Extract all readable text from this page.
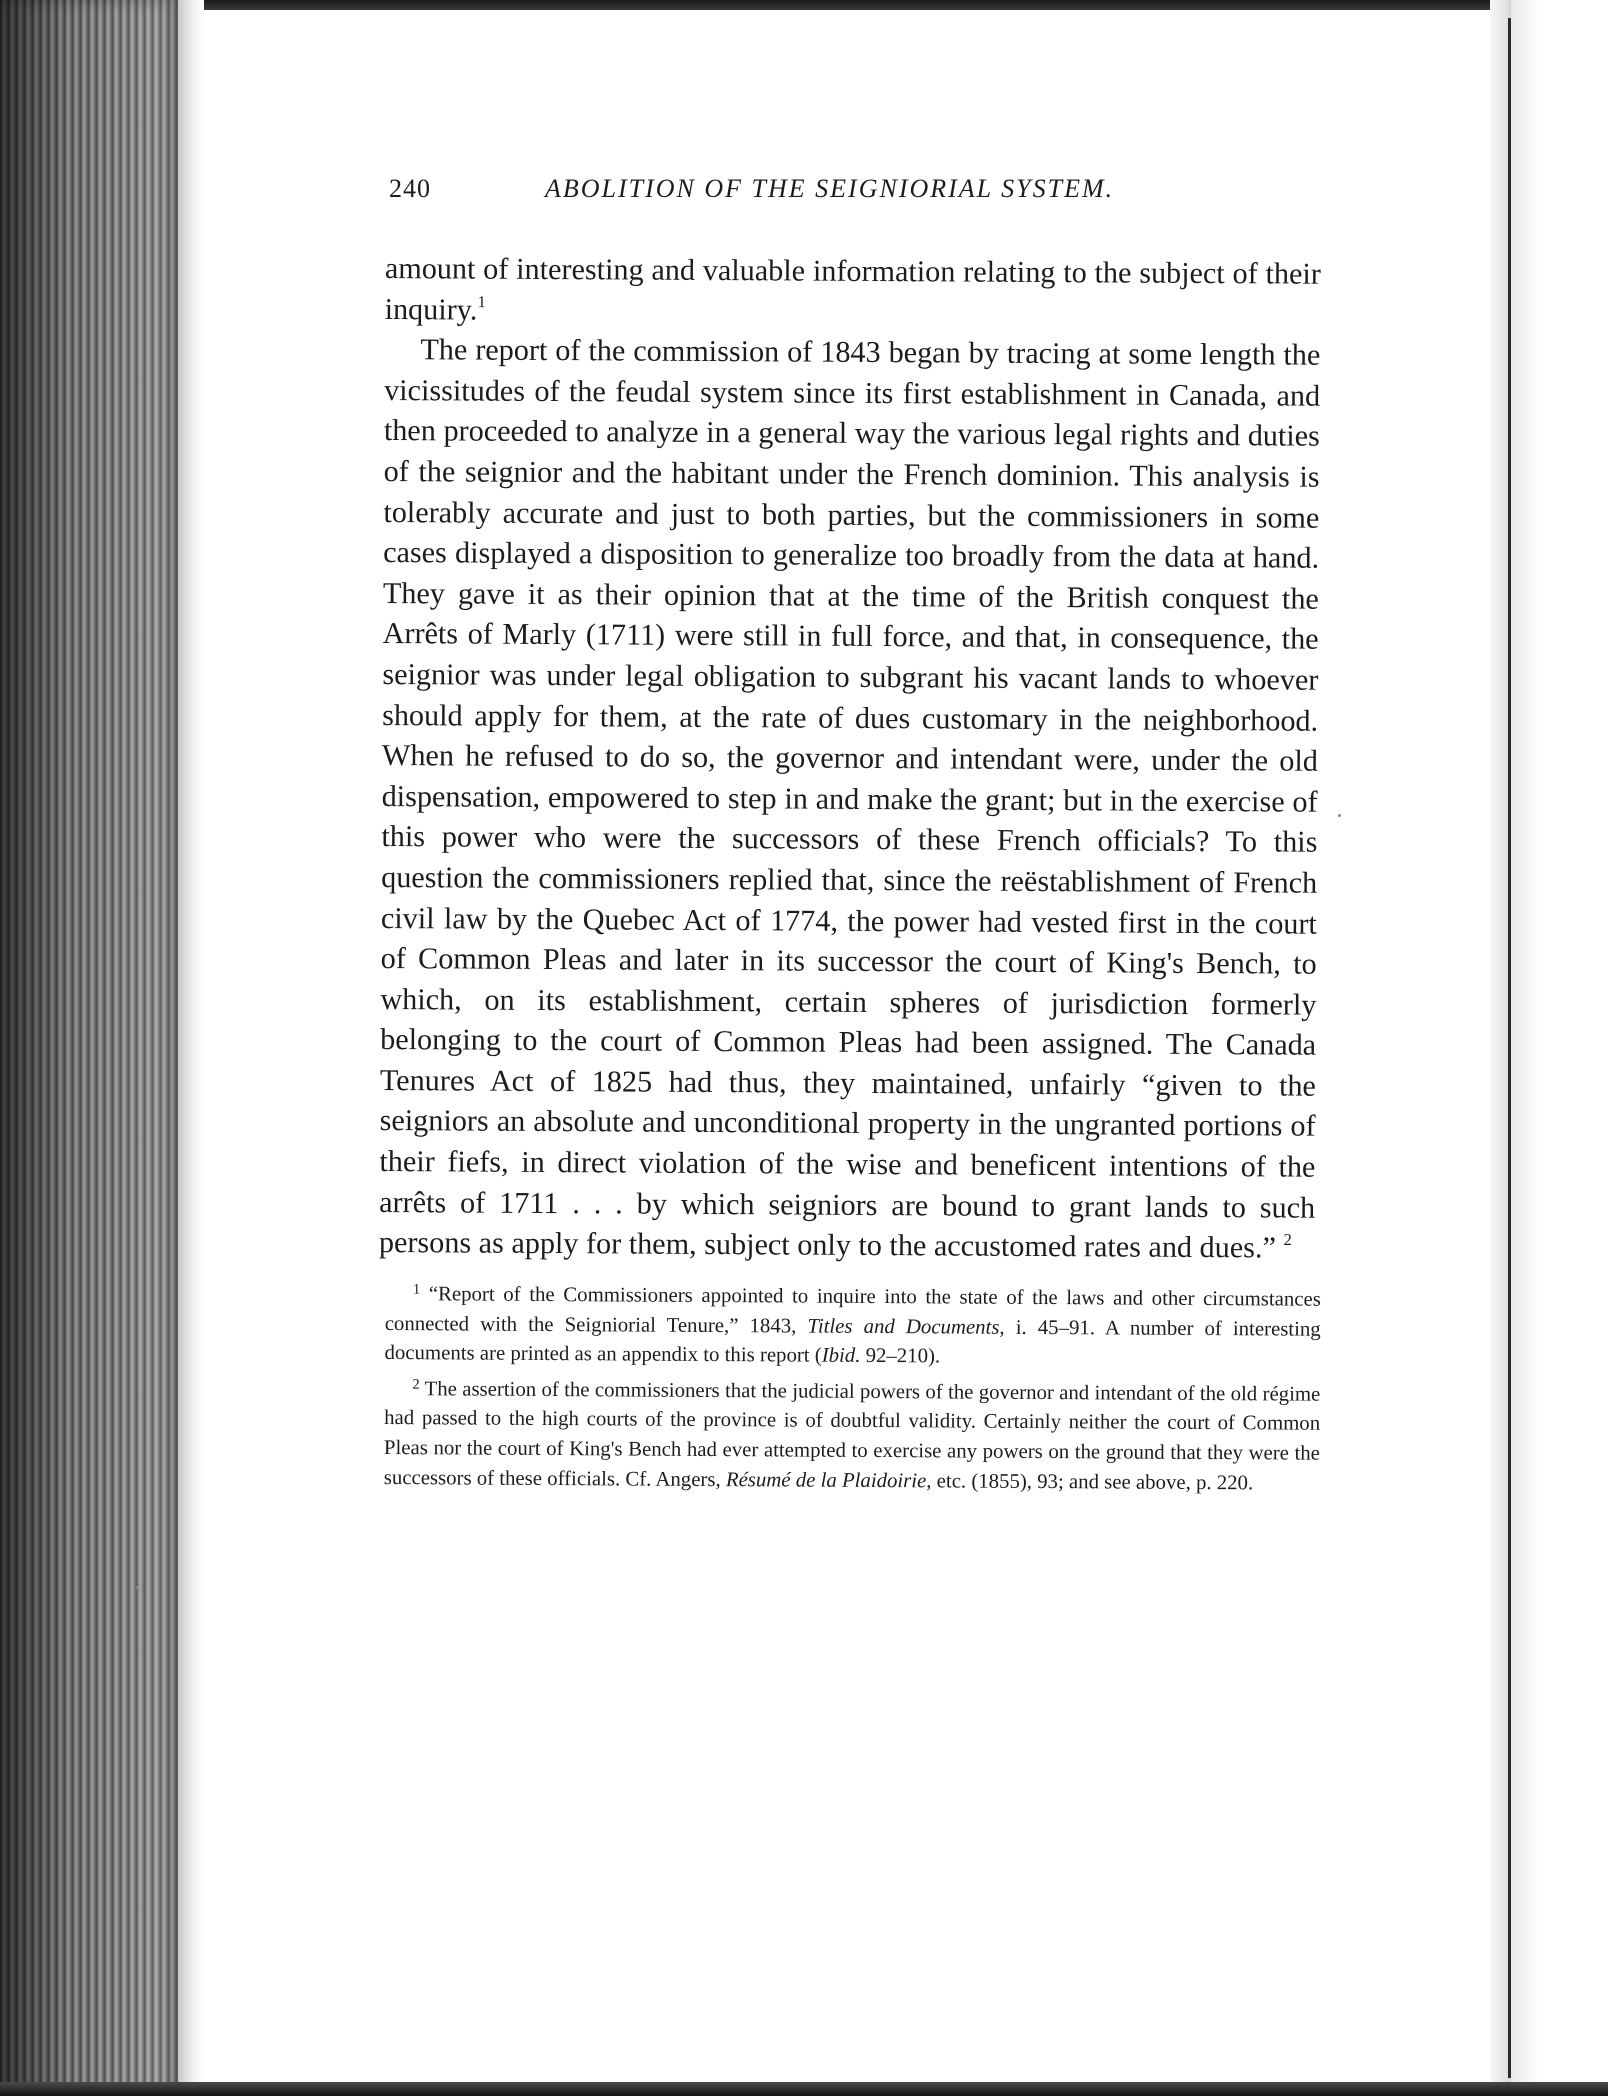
240	ABOLITION OF THE SEIGNIORIAL SYSTEM.

amount of interesting and valuable information relating to the subject of their inquiry.$^1$

The report of the commission of 1843 began by tracing at some length the vicissitudes of the feudal system since its first establishment in Canada, and then proceeded to analyze in a general way the various legal rights and duties of the seignior and the habitant under the French dominion. This analysis is tolerably accurate and just to both parties, but the commissioners in some cases displayed a disposition to generalize too broadly from the data at hand. They gave it as their opinion that at the time of the British conquest the Arrêts of Marly (1711) were still in full force, and that, in consequence, the seignior was under legal obligation to subgrant his vacant lands to whoever should apply for them, at the rate of dues customary in the neighborhood. When he refused to do so, the governor and intendant were, under the old dispensation, empowered to step in and make the grant; but in the exercise of this power who were the successors of these French officials? To this question the commissioners replied that, since the reëstablishment of French civil law by the Quebec Act of 1774, the power had vested first in the court of Common Pleas and later in its successor the court of King's Bench, to which, on its establishment, certain spheres of jurisdiction formerly belonging to the court of Common Pleas had been assigned. The Canada Tenures Act of 1825 had thus, they maintained, unfairly “given to the seigniors an absolute and unconditional property in the ungranted portions of their fiefs, in direct violation of the wise and beneficent intentions of the arrêts of 1711 . . . by which seigniors are bound to grant lands to such persons as apply for them, subject only to the accustomed rates and dues.” $^2$

$^1$ “Report of the Commissioners appointed to inquire into the state of the laws and other circumstances connected with the Seigniorial Tenure,” 1843, Titles and Documents, i. 45–91. A number of interesting documents are printed as an appendix to this report (Ibid. 92–210).

$^2$ The assertion of the commissioners that the judicial powers of the governor and intendant of the old régime had passed to the high courts of the province is of doubtful validity. Certainly neither the court of Common Pleas nor the court of King's Bench had ever attempted to exercise any powers on the ground that they were the successors of these officials. Cf. Angers, Résumé de la Plaidoirie, etc. (1855), 93; and see above, p. 220.
